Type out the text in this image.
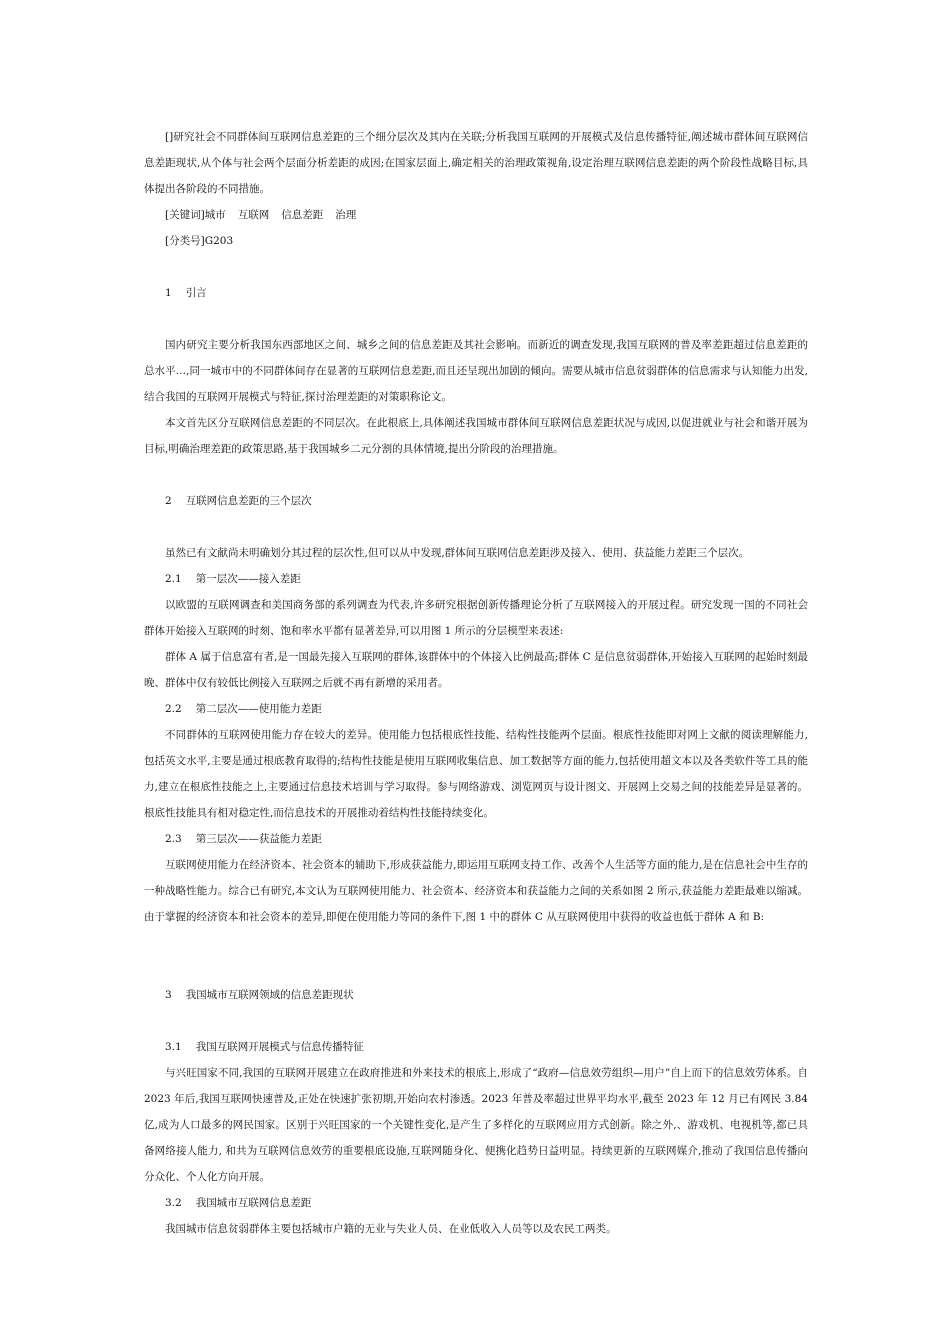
[]研究社会不同群体间互联网信息差距的三个细分层次及其内在关联;分析我国互联网的开展模式及信息传播特征,阐述城市群体间互联网信息差距现状,从个体与社会两个层面分析差距的成因;在国家层面上,确定相关的治理政策视角,设定治理互联网信息差距的两个阶段性战略目标,具体提出各阶段的不同措施。

[关键词]城市 互联网 信息差距 治理

[分类号]G203

1 引言

国内研究主要分析我国东西部地区之间、城乡之间的信息差距及其社会影响。而新近的调查发现,我国互联网的普及率差距超过信息差距的总水平…,同一城市中的不同群体间存在显著的互联网信息差距,而且还呈现出加剧的倾向。需要从城市信息贫弱群体的信息需求与认知能力出发,结合我国的互联网开展模式与特征,探讨治理差距的对策职称论文。

本文首先区分互联网信息差距的不同层次。在此根底上,具体阐述我国城市群体间互联网信息差距状况与成因,以促进就业与社会和谐开展为目标,明确治理差距的政策思路,基于我国城乡二元分割的具体情境,提出分阶段的治理措施。

2 互联网信息差距的三个层次

虽然已有文献尚未明确划分其过程的层次性,但可以从中发现,群体间互联网信息差距涉及接入、使用、获益能力差距三个层次。

2.1 第一层次——接入差距

以欧盟的互联网调查和美国商务部的系列调查为代表,许多研究根据创新传播理论分析了互联网接入的开展过程。研究发现一国的不同社会群体开始接入互联网的时刻、饱和率水平都有显著差异,可以用图 1 所示的分层模型来表述:

群体 A 属于信息富有者,是一国最先接入互联网的群体,该群体中的个体接入比例最高;群体 C 是信息贫弱群体,开始接入互联网的起始时刻最晚、群体中仅有较低比例接入互联网之后就不再有新增的采用者。

2.2 第二层次——使用能力差距

不同群体的互联网使用能力存在较大的差异。使用能力包括根底性技能、结构性技能两个层面。根底性技能即对网上文献的阅读理解能力,包括英文水平,主要是通过根底教育取得的;结构性技能是使用互联网收集信息、加工数据等方面的能力,包括使用超文本以及各类软件等工具的能力,建立在根底性技能之上,主要通过信息技术培训与学习取得。参与网络游戏、浏览网页与设计图文、开展网上交易之间的技能差异是显著的。根底性技能具有相对稳定性,而信息技术的开展推动着结构性技能持续变化。

2.3 第三层次——获益能力差距

互联网使用能力在经济资本、社会资本的辅助下,形成获益能力,即运用互联网支持工作、改善个人生活等方面的能力,是在信息社会中生存的一种战略性能力。综合已有研究,本文认为互联网使用能力、社会资本、经济资本和获益能力之间的关系如图 2 所示,获益能力差距最难以缩减。由于掌握的经济资本和社会资本的差异,即便在使用能力等同的条件下,图 1 中的群体 C 从互联网使用中获得的收益也低于群体 A 和 B:

3 我国城市互联网领域的信息差距现状

3.1 我国互联网开展模式与信息传播特征

与兴旺国家不同,我国的互联网开展建立在政府推进和外来技术的根底上,形成了“政府—信息效劳组织—用户”自上而下的信息效劳体系。自 2023 年后,我国互联网快速普及,正处在快速扩张初期,开始向农村渗透。2023 年普及率超过世界平均水平,截至 2023 年 12 月已有网民 3.84 亿,成为人口最多的网民国家。区别于兴旺国家的一个关键性变化,是产生了多样化的互联网应用方式创新。除之外,、游戏机、电视机等,都已具备网络接人能力, 和共为互联网信息效劳的重要根底设施,互联网随身化、便携化趋势日益明显。持续更新的互联网媒介,推动了我国信息传播向分众化、个人化方向开展。

3.2 我国城市互联网信息差距

我国城市信息贫弱群体主要包括城市户籍的无业与失业人员、在业低收入人员等以及农民工两类。
